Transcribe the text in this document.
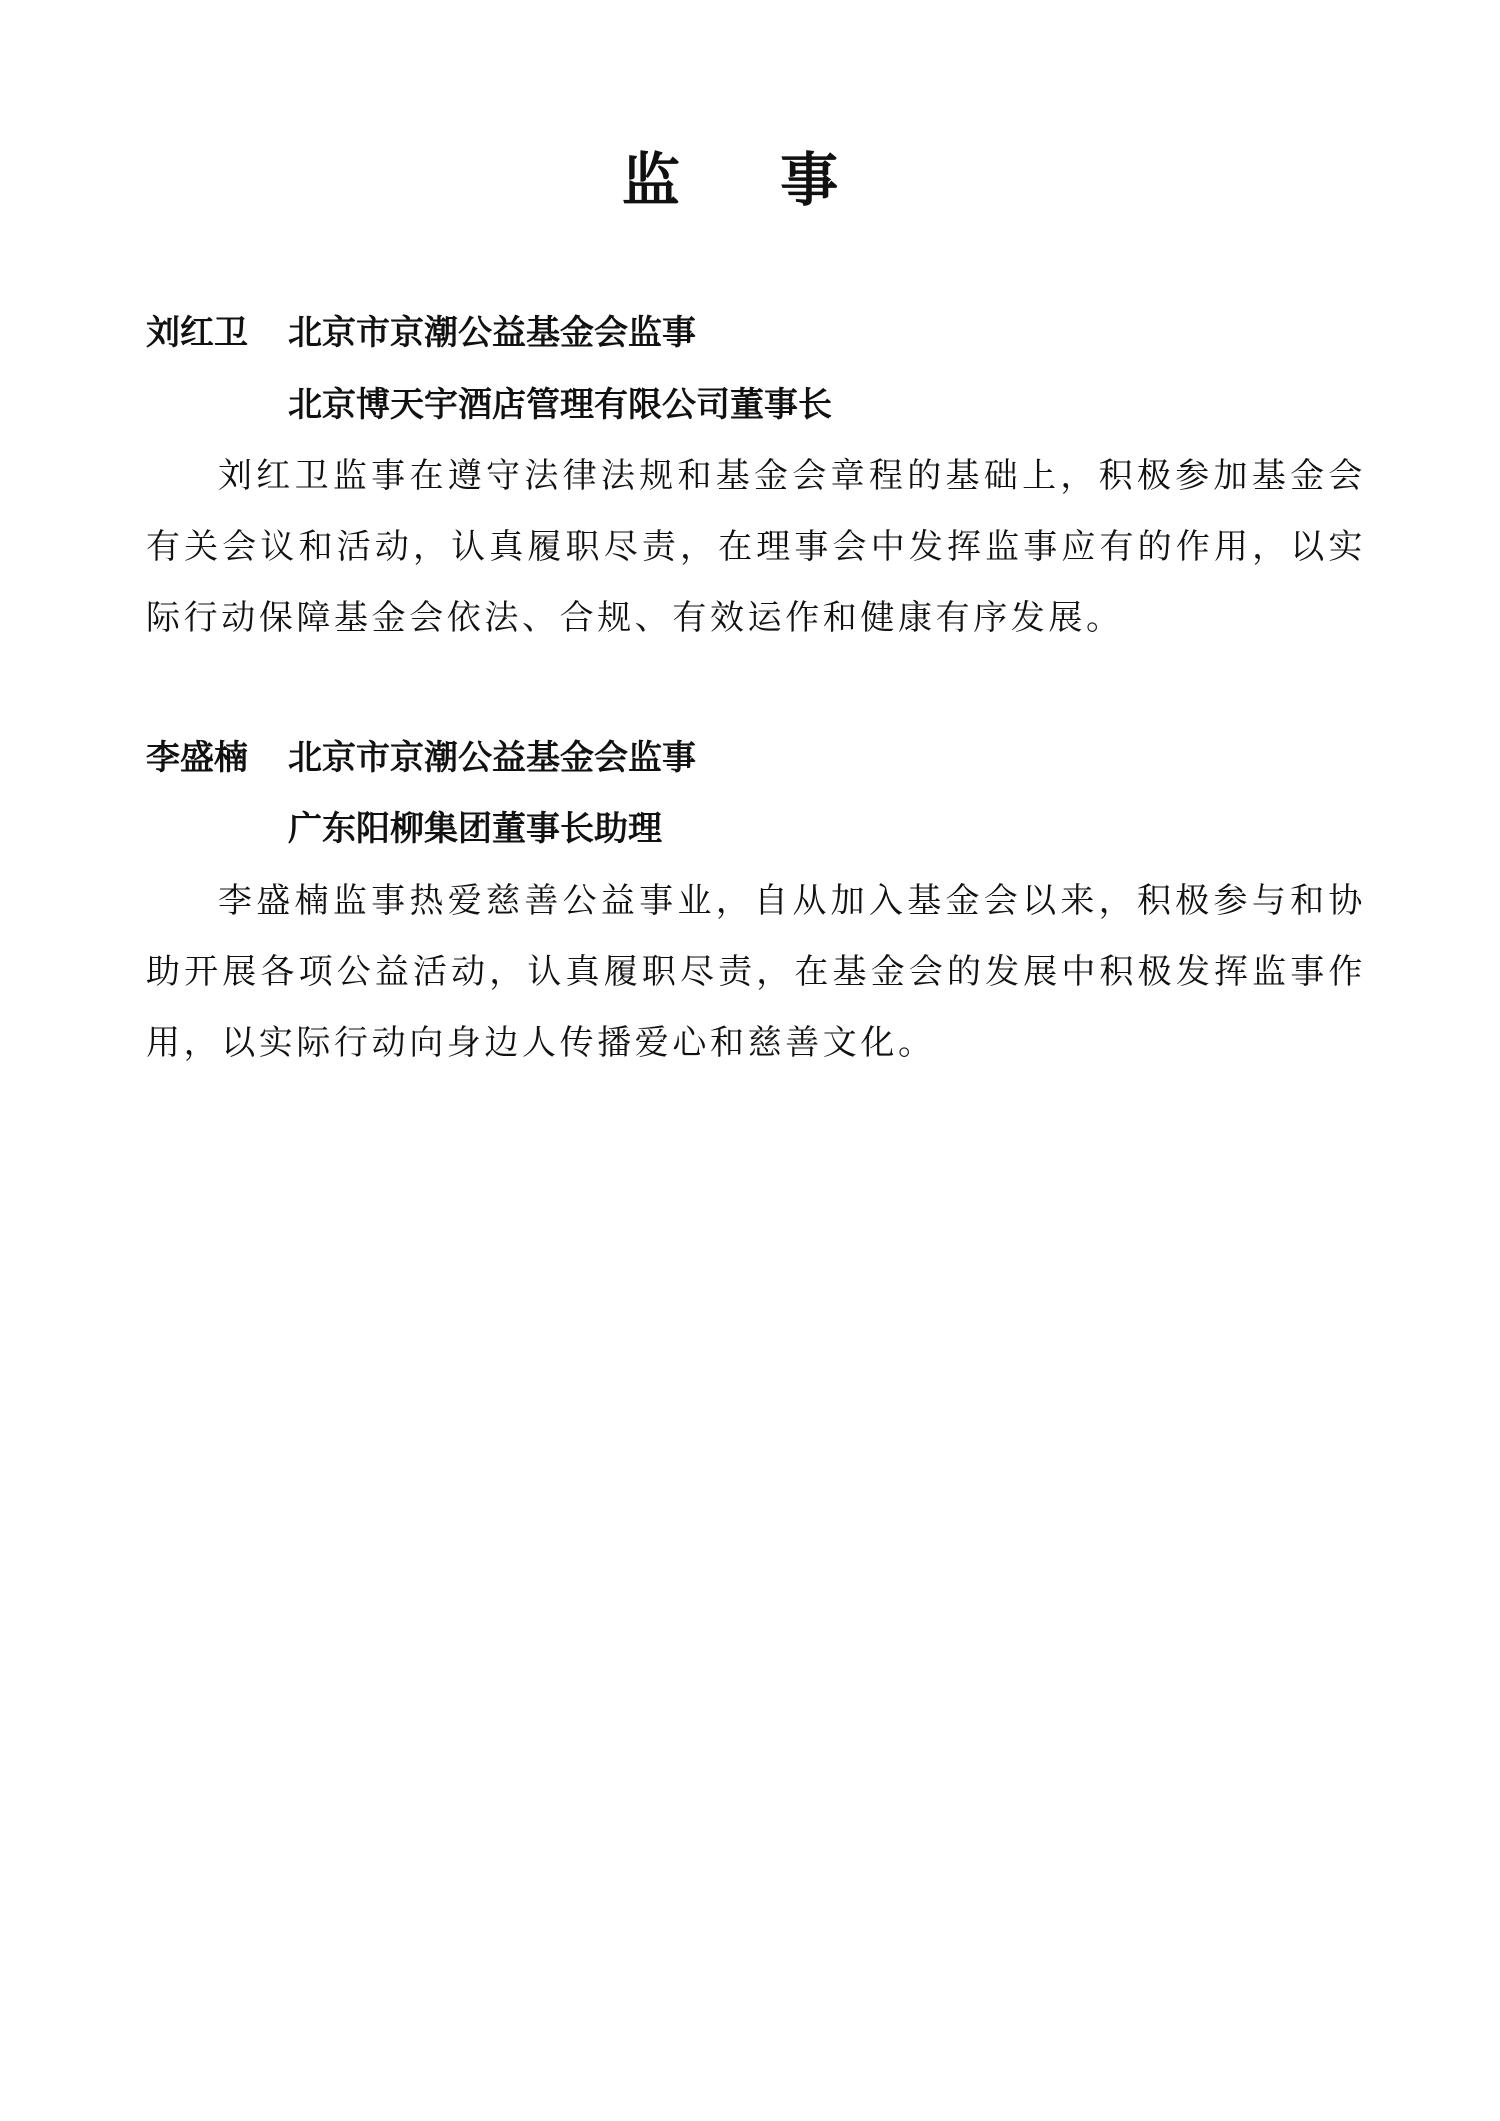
监 事
刘红卫 北京市京潮公益基金会监事
北京博天宇酒店管理有限公司董事长
刘红卫监事在遵守法律法规和基金会章程的基础上，积极参加基金会有关会议和活动，认真履职尽责，在理事会中发挥监事应有的作用，以实际行动保障基金会依法、合规、有效运作和健康有序发展。
李盛楠 北京市京潮公益基金会监事
广东阳柳集团董事长助理
李盛楠监事热爱慈善公益事业，自从加入基金会以来，积极参与和协助开展各项公益活动，认真履职尽责，在基金会的发展中积极发挥监事作用，以实际行动向身边人传播爱心和慈善文化。
